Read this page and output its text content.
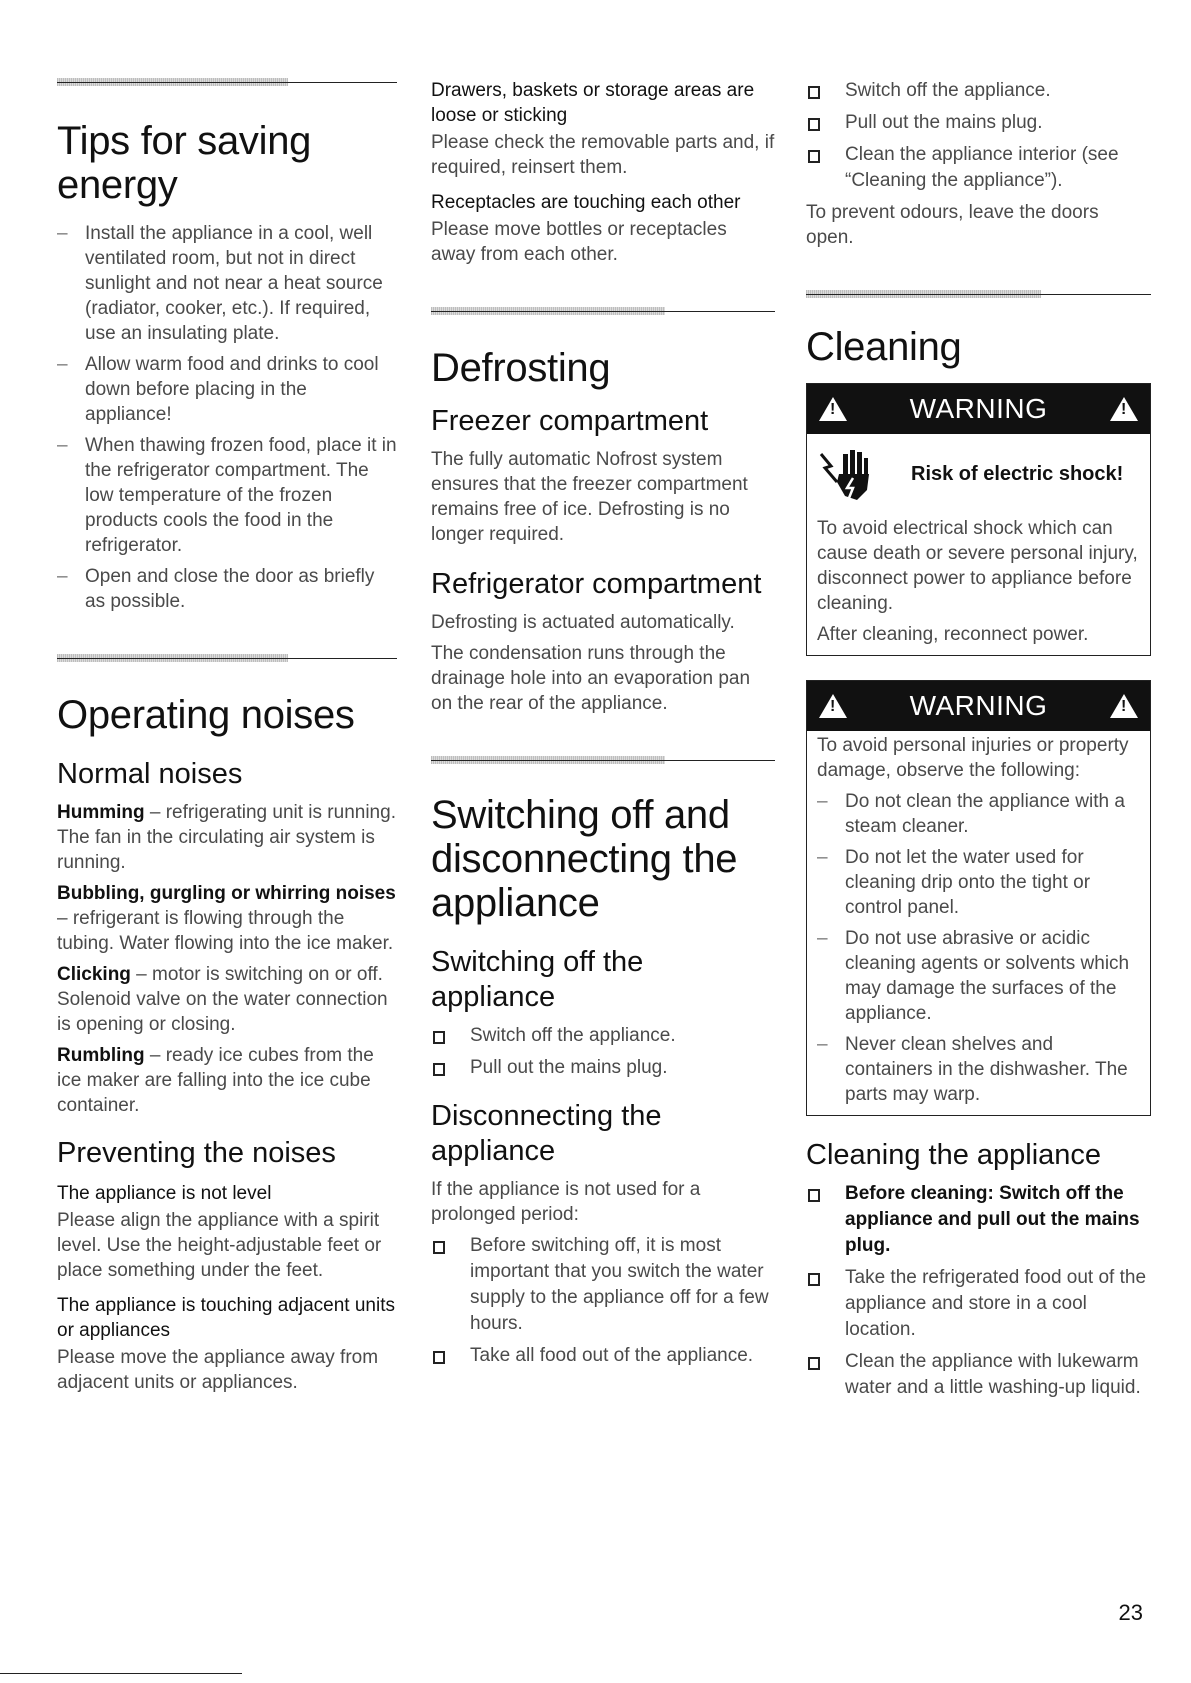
Tips for saving energy
– Install the appliance in a cool, well ventilated room, but not in direct sunlight and not near a heat source (radiator, cooker, etc.). If required, use an insulating plate.
– Allow warm food and drinks to cool down before placing in the appliance!
– When thawing frozen food, place it in the refrigerator compartment. The low temperature of the frozen products cools the food in the refrigerator.
– Open and close the door as briefly as possible.
Operating noises
Normal noises

Humming – refrigerating unit is running. The fan in the circulating air system is running.

Bubbling, gurgling or whirring noises – refrigerant is flowing through the tubing. Water flowing into the ice maker.

Clicking – motor is switching on or off. Solenoid valve on the water connection is opening or closing.

Rumbling – ready ice cubes from the ice maker are falling into the ice cube container.

Preventing the noises
The appliance is not level

Please align the appliance with a spirit level. Use the height-adjustable feet or place something under the feet.

The appliance is touching adjacent units or appliances

Please move the appliance away from adjacent units or appliances.

Drawers, baskets or storage areas are loose or sticking

Please check the removable parts and, if required, reinsert them.

Receptacles are touching each other

Please move bottles or receptacles away from each other.

Defrosting
Freezer compartment

The fully automatic Nofrost system ensures that the freezer compartment remains free of ice. Defrosting is no longer required.

Refrigerator compartment

Defrosting is actuated automatically.

The condensation runs through the drainage hole into an evaporation pan on the rear of the appliance.

Switching off and disconnecting the appliance
Switching off the appliance
Switch off the appliance.
Pull out the mains plug.
Disconnecting the appliance

If the appliance is not used for a prolonged period:

Before switching off, it is most important that you switch the water supply to the appliance off for a few hours.
Take all food out of the appliance.
Switch off the appliance.
Pull out the mains plug.
Clean the appliance interior (see “Cleaning the appliance”).

To prevent odours, leave the doors open.

Cleaning
!
WARNING
!
Risk of electric shock!

To avoid electrical shock which can cause death or severe personal injury, disconnect power to appliance before cleaning.

After cleaning, reconnect power.

!
WARNING
!

To avoid personal injuries or property damage, observe the following:

– Do not clean the appliance with a steam cleaner.
– Do not let the water used for cleaning drip onto the tight or control panel.
– Do not use abrasive or acidic cleaning agents or solvents which may damage the surfaces of the appliance.
– Never clean shelves and containers in the dishwasher. The parts may warp.
Cleaning the appliance
Before cleaning: Switch off the appliance and pull out the mains plug.
Take the refrigerated food out of the appliance and store in a cool location.
Clean the appliance with lukewarm water and a little washing-up liquid.
23
